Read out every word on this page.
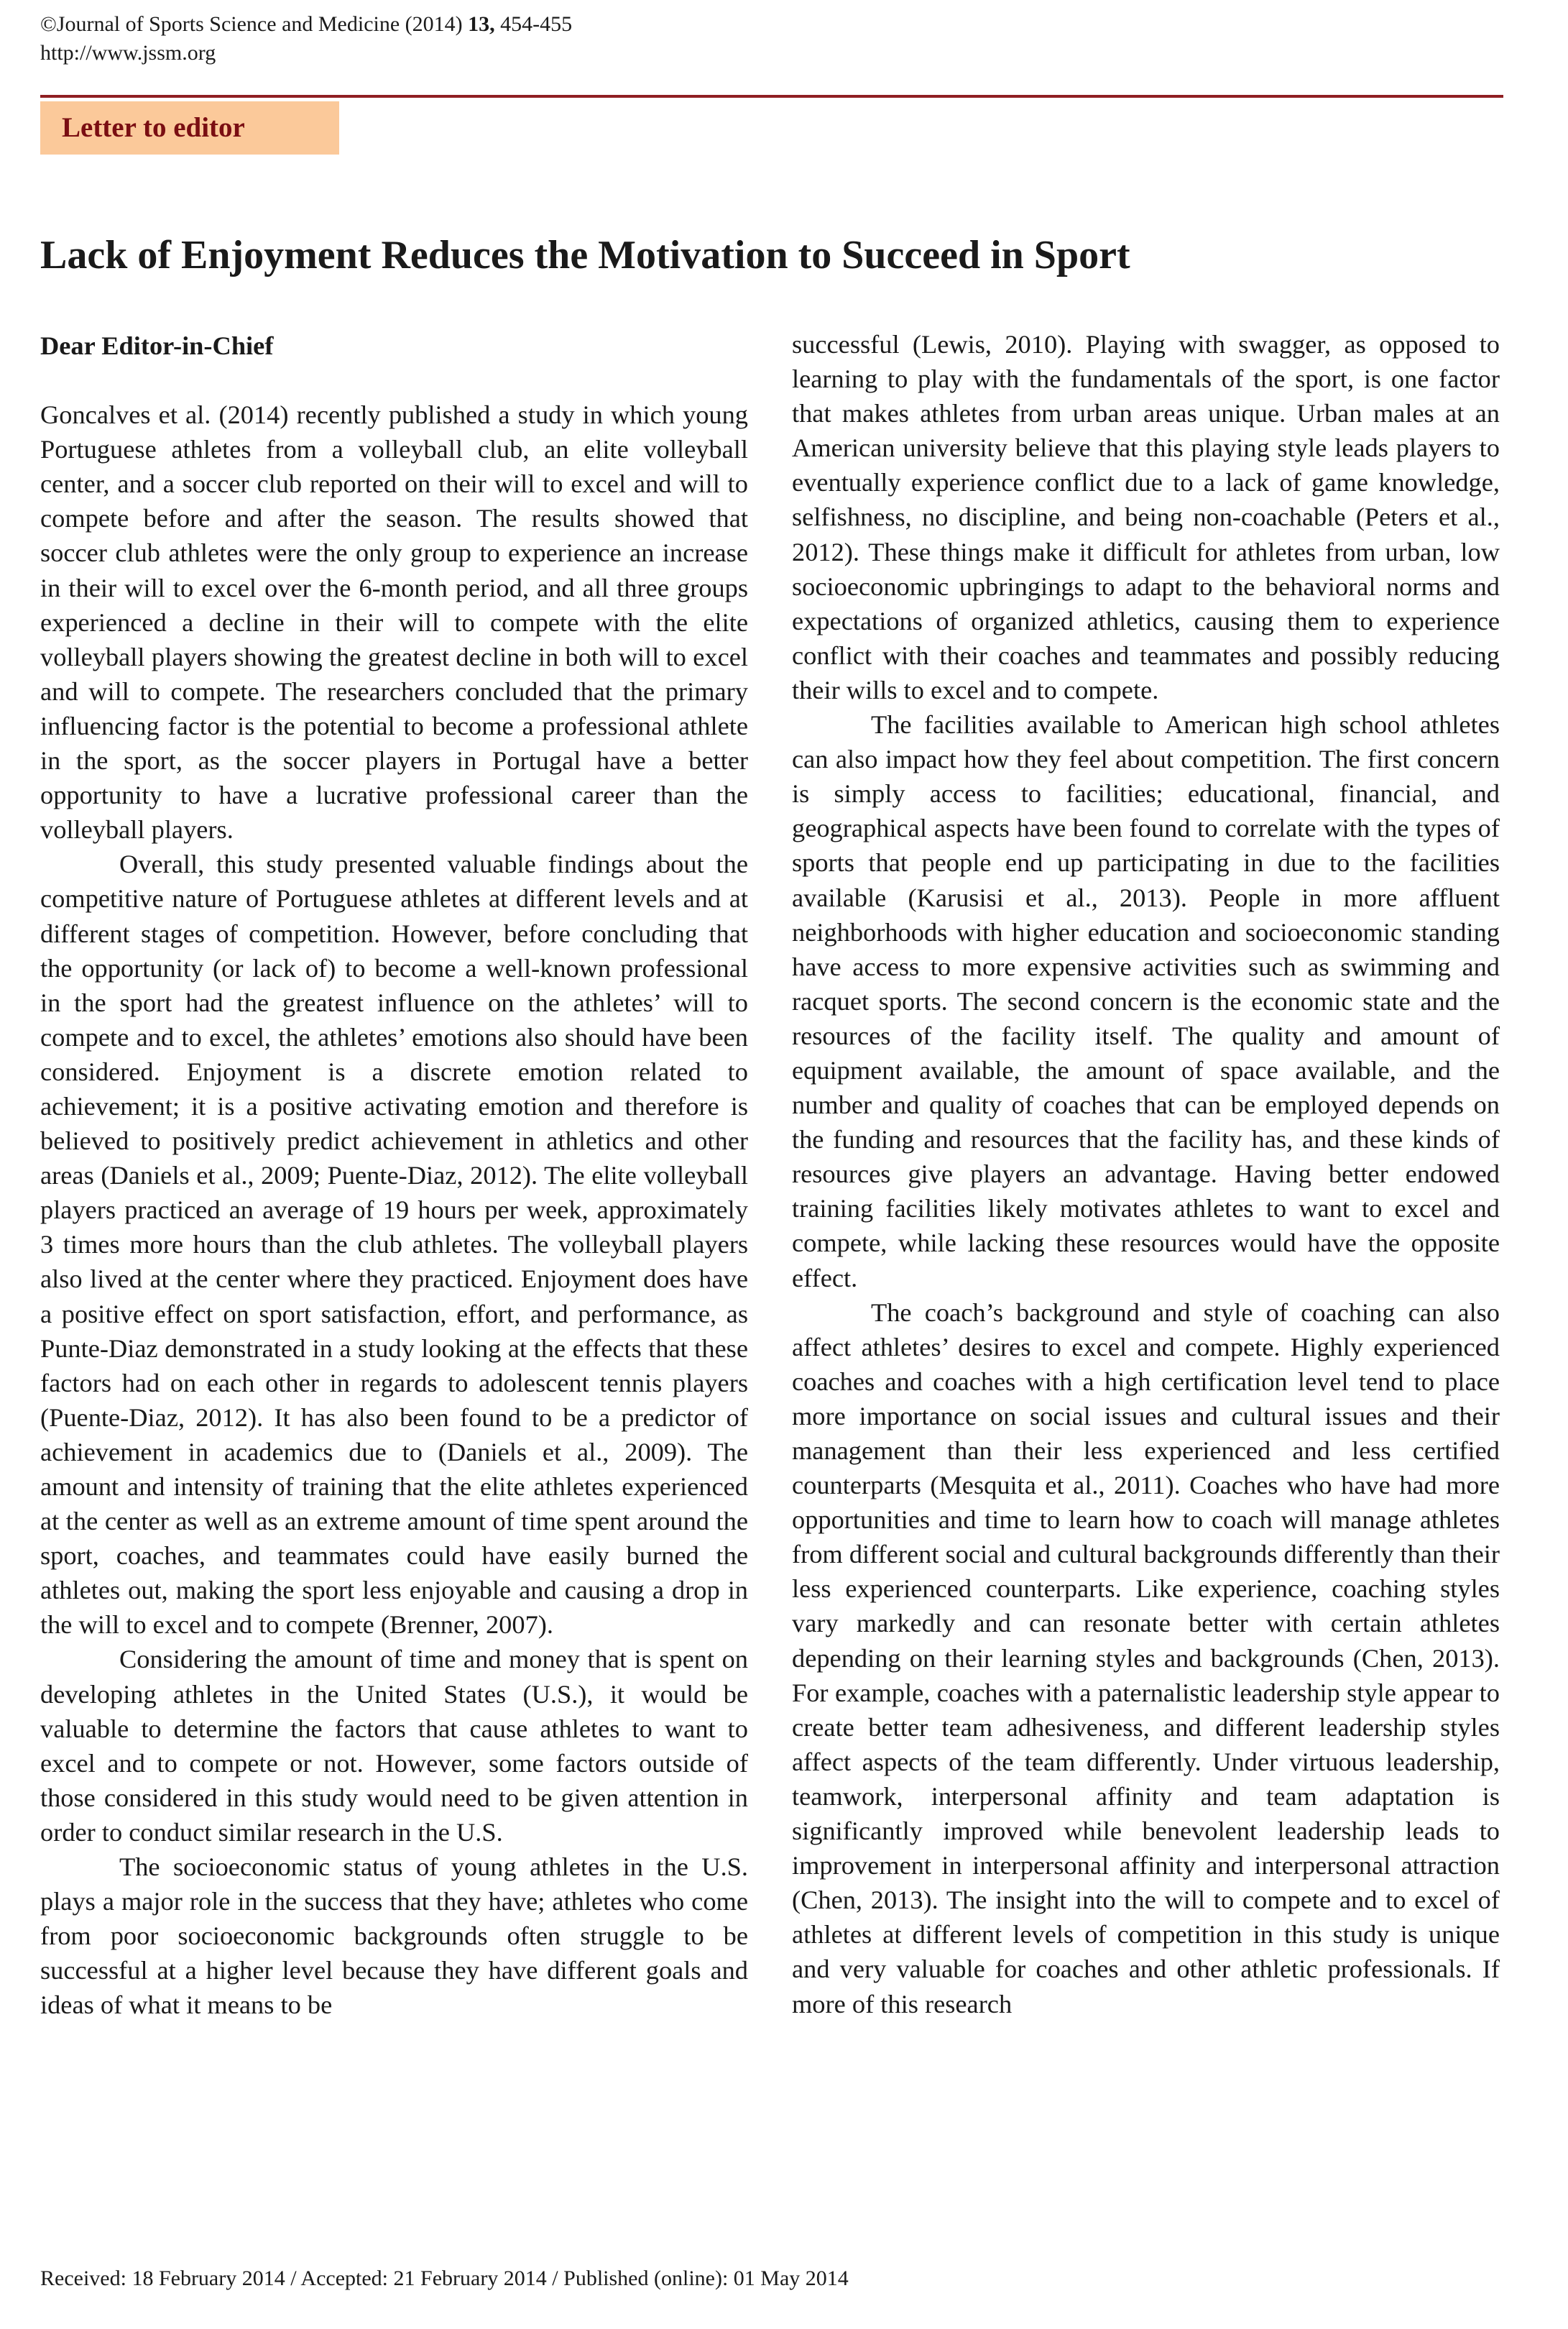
©Journal of Sports Science and Medicine (2014) 13, 454-455
http://www.jssm.org
Letter to editor
Lack of Enjoyment Reduces the Motivation to Succeed in Sport

Dear Editor-in-Chief

Goncalves et al. (2014) recently published a study in which young Portuguese athletes from a volleyball club, an elite volleyball center, and a soccer club reported on their will to excel and will to compete before and after the season. The results showed that soccer club athletes were the only group to experience an increase in their will to excel over the 6-month period, and all three groups experienced a decline in their will to compete with the elite volleyball players showing the greatest decline in both will to excel and will to compete. The researchers concluded that the primary influencing factor is the potential to become a professional athlete in the sport, as the soccer players in Portugal have a better opportunity to have a lucrative professional career than the volleyball players.

Overall, this study presented valuable findings about the competitive nature of Portuguese athletes at different levels and at different stages of competition. However, before concluding that the opportunity (or lack of) to become a well-known professional in the sport had the greatest influence on the athletes’ will to compete and to excel, the athletes’ emotions also should have been considered. Enjoyment is a discrete emotion related to achievement; it is a positive activating emotion and therefore is believed to positively predict achievement in athletics and other areas (Daniels et al., 2009; Puente-Diaz, 2012). The elite volleyball players practiced an average of 19 hours per week, approximately 3 times more hours than the club athletes. The volleyball players also lived at the center where they practiced. Enjoyment does have a positive effect on sport satisfaction, effort, and performance, as Punte-Diaz demonstrated in a study looking at the effects that these factors had on each other in regards to adolescent tennis players (Puente-Diaz, 2012). It has also been found to be a predictor of achievement in academics due to (Daniels et al., 2009). The amount and intensity of training that the elite athletes experienced at the center as well as an extreme amount of time spent around the sport, coaches, and teammates could have easily burned the athletes out, making the sport less enjoyable and causing a drop in the will to excel and to compete (Brenner, 2007).

Considering the amount of time and money that is spent on developing athletes in the United States (U.S.), it would be valuable to determine the factors that cause athletes to want to excel and to compete or not. However, some factors outside of those considered in this study would need to be given attention in order to conduct similar research in the U.S.

The socioeconomic status of young athletes in the U.S. plays a major role in the success that they have; athletes who come from poor socioeconomic backgrounds often struggle to be successful at a higher level because they have different goals and ideas of what it means to be

successful (Lewis, 2010). Playing with swagger, as opposed to learning to play with the fundamentals of the sport, is one factor that makes athletes from urban areas unique. Urban males at an American university believe that this playing style leads players to eventually experience conflict due to a lack of game knowledge, selfishness, no discipline, and being non-coachable (Peters et al., 2012). These things make it difficult for athletes from urban, low socioeconomic upbringings to adapt to the behavioral norms and expectations of organized athletics, causing them to experience conflict with their coaches and teammates and possibly reducing their wills to excel and to compete.

The facilities available to American high school athletes can also impact how they feel about competition. The first concern is simply access to facilities; educational, financial, and geographical aspects have been found to correlate with the types of sports that people end up participating in due to the facilities available (Karusisi et al., 2013). People in more affluent neighborhoods with higher education and socioeconomic standing have access to more expensive activities such as swimming and racquet sports. The second concern is the economic state and the resources of the facility itself. The quality and amount of equipment available, the amount of space available, and the number and quality of coaches that can be employed depends on the funding and resources that the facility has, and these kinds of resources give players an advantage. Having better endowed training facilities likely motivates athletes to want to excel and compete, while lacking these resources would have the opposite effect.

The coach’s background and style of coaching can also affect athletes’ desires to excel and compete. Highly experienced coaches and coaches with a high certification level tend to place more importance on social issues and cultural issues and their management than their less experienced and less certified counterparts (Mesquita et al., 2011). Coaches who have had more opportunities and time to learn how to coach will manage athletes from different social and cultural backgrounds differently than their less experienced counterparts. Like experience, coaching styles vary markedly and can resonate better with certain athletes depending on their learning styles and backgrounds (Chen, 2013). For example, coaches with a paternalistic leadership style appear to create better team adhesiveness, and different leadership styles affect aspects of the team differently. Under virtuous leadership, teamwork, interpersonal affinity and team adaptation is significantly improved while benevolent leadership leads to improvement in interpersonal affinity and interpersonal attraction (Chen, 2013). The insight into the will to compete and to excel of athletes at different levels of competition in this study is unique and very valuable for coaches and other athletic professionals. If more of this research

Received: 18 February 2014 / Accepted: 21 February 2014 / Published (online): 01 May 2014
